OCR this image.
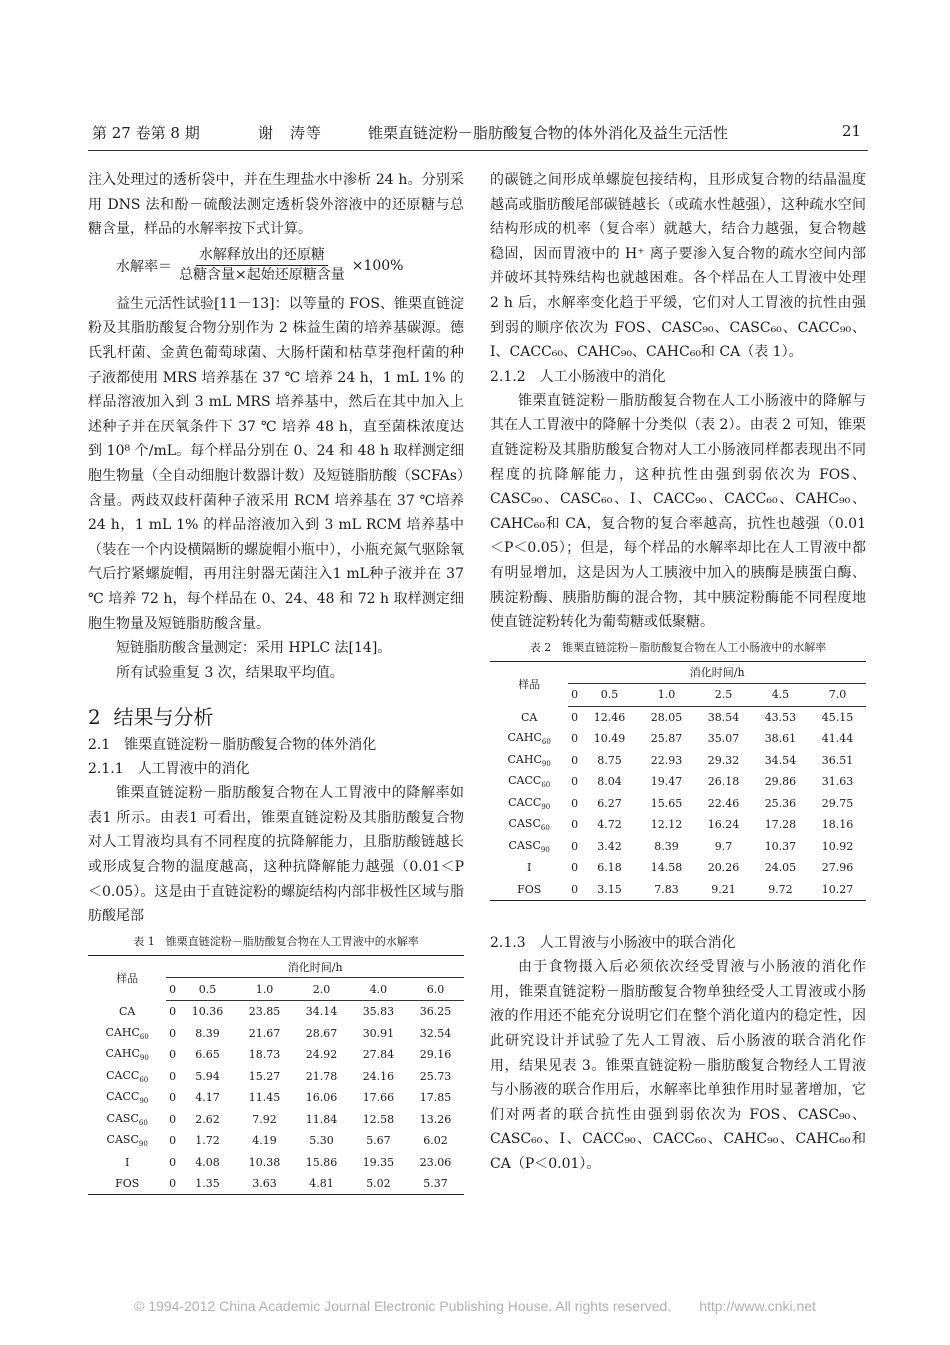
第 27 卷第 8 期	谢　涛等	锥栗直链淀粉－脂肪酸复合物的体外消化及益生元活性	21

注入处理过的透析袋中，并在生理盐水中渗析 24 h。分别采用 DNS 法和酚－硫酸法测定透析袋外溶液中的还原糖与总糖含量，样品的水解率按下式计算。

水解率＝ $\frac{\text{水解释放出的还原糖}}{\text{总糖含量×起始还原糖含量}} \times 100\%$

益生元活性试验[11－13]：以等量的 FOS、锥栗直链淀粉及其脂肪酸复合物分别作为 2 株益生菌的培养基碳源。德氏乳杆菌、金黄色葡萄球菌、大肠杆菌和枯草芽孢杆菌的种子液都使用 MRS 培养基在 37 ℃ 培养 24 h，1 mL 1% 的样品溶液加入到 3 mL MRS 培养基中，然后在其中加入上述种子并在厌氧条件下 37 ℃ 培养 48 h，直至菌株浓度达到 10⁸ 个/mL。每个样品分别在 0、24 和 48 h 取样测定细胞生物量（全自动细胞计数器计数）及短链脂肪酸（SCFAs）含量。两歧双歧杆菌种子液采用 RCM 培养基在 37 ℃培养 24 h，1 mL 1% 的样品溶液加入到 3 mL RCM 培养基中（装在一个内设横隔断的螺旋帽小瓶中），小瓶充氮气驱除氧气后拧紧螺旋帽，再用注射器无菌注入1 mL种子液并在 37 ℃ 培养 72 h，每个样品在 0、24、48 和 72 h 取样测定细胞生物量及短链脂肪酸含量。

短链脂肪酸含量测定：采用 HPLC 法[14]。

所有试验重复 3 次，结果取平均值。

2 结果与分析
2.1 锥栗直链淀粉－脂肪酸复合物的体外消化
2.1.1 人工胃液中的消化

锥栗直链淀粉－脂肪酸复合物在人工胃液中的降解率如表1 所示。由表1 可看出，锥栗直链淀粉及其脂肪酸复合物对人工胃液均具有不同程度的抗降解能力，且脂肪酸链越长或形成复合物的温度越高，这种抗降解能力越强（0.01＜P＜0.05）。这是由于直链淀粉的螺旋结构内部非极性区域与脂肪酸尾部

表 1　锥栗直链淀粉－脂肪酸复合物在人工胃液中的水解率
样品	消化时间/h					
	0	0.5	1.0	2.0	4.0	6.0
CA	0	10.36	23.85	34.14	35.83	36.25
$CAHC_{60}$	0	8.39	21.67	28.67	30.91	32.54
$CAHC_{90}$	0	6.65	18.73	24.92	27.84	29.16
$CACC_{60}$	0	5.94	15.27	21.78	24.16	25.73
$CACC_{90}$	0	4.17	11.45	16.06	17.66	17.85
$CASC_{60}$	0	2.62	7.92	11.84	12.58	13.26
$CASC_{90}$	0	1.72	4.19	5.30	5.67	6.02
Ⅰ	0	4.08	10.38	15.86	19.35	23.06
FOS	0	1.35	3.63	4.81	5.02	5.37

的碳链之间形成单螺旋包接结构，且形成复合物的结晶温度越高或脂肪酸尾部碳链越长（或疏水性越强），这种疏水空间结构形成的机率（复合率）就越大，结合力越强，复合物越稳固，因而胃液中的 H⁺ 离子要渗入复合物的疏水空间内部并破坏其特殊结构也就越困难。各个样品在人工胃液中处理 2 h 后，水解率变化趋于平缓，它们对人工胃液的抗性由强到弱的顺序依次为 FOS、CASC₉₀、CASC₆₀、CACC₉₀、Ⅰ、CACC₆₀、CAHC₉₀、CAHC₆₀和 CA（表 1）。

2.1.2 人工小肠液中的消化

锥栗直链淀粉－脂肪酸复合物在人工小肠液中的降解与其在人工胃液中的降解十分类似（表 2）。由表 2 可知，锥栗直链淀粉及其脂肪酸复合物对人工小肠液同样都表现出不同程度的抗降解能力，这种抗性由强到弱依次为 FOS、CASC₉₀、CASC₆₀、Ⅰ、CACC₉₀、CACC₆₀、CAHC₉₀、CAHC₆₀和 CA，复合物的复合率越高，抗性也越强（0.01＜P＜0.05）；但是，每个样品的水解率却比在人工胃液中都有明显增加，这是因为人工胰液中加入的胰酶是胰蛋白酶、胰淀粉酶、胰脂肪酶的混合物，其中胰淀粉酶能不同程度地使直链淀粉转化为葡萄糖或低聚糖。

表 2　锥栗直链淀粉－脂肪酸复合物在人工小肠液中的水解率
样品	消化时间/h					
	0	0.5	1.0	2.5	4.5	7.0
CA	0	12.46	28.05	38.54	43.53	45.15
$CAHC_{60}$	0	10.49	25.87	35.07	38.61	41.44
$CAHC_{90}$	0	8.75	22.93	29.32	34.54	36.51
$CACC_{60}$	0	8.04	19.47	26.18	29.86	31.63
$CACC_{90}$	0	6.27	15.65	22.46	25.36	29.75
$CASC_{60}$	0	4.72	12.12	16.24	17.28	18.16
$CASC_{90}$	0	3.42	8.39	9.7	10.37	10.92
Ⅰ	0	6.18	14.58	20.26	24.05	27.96
FOS	0	3.15	7.83	9.21	9.72	10.27
2.1.3 人工胃液与小肠液中的联合消化

由于食物摄入后必须依次经受胃液与小肠液的消化作用，锥栗直链淀粉－脂肪酸复合物单独经受人工胃液或小肠液的作用还不能充分说明它们在整个消化道内的稳定性，因此研究设计并试验了先人工胃液、后小肠液的联合消化作用，结果见表 3。锥栗直链淀粉－脂肪酸复合物经人工胃液与小肠液的联合作用后，水解率比单独作用时显著增加，它们对两者的联合抗性由强到弱依次为 FOS、CASC₉₀、CASC₆₀、Ⅰ、CACC₉₀、CACC₆₀、CAHC₉₀、CAHC₆₀和 CA（P＜0.01）。

© 1994-2012 China Academic Journal Electronic Publishing House. All rights reserved.　　http://www.cnki.net
